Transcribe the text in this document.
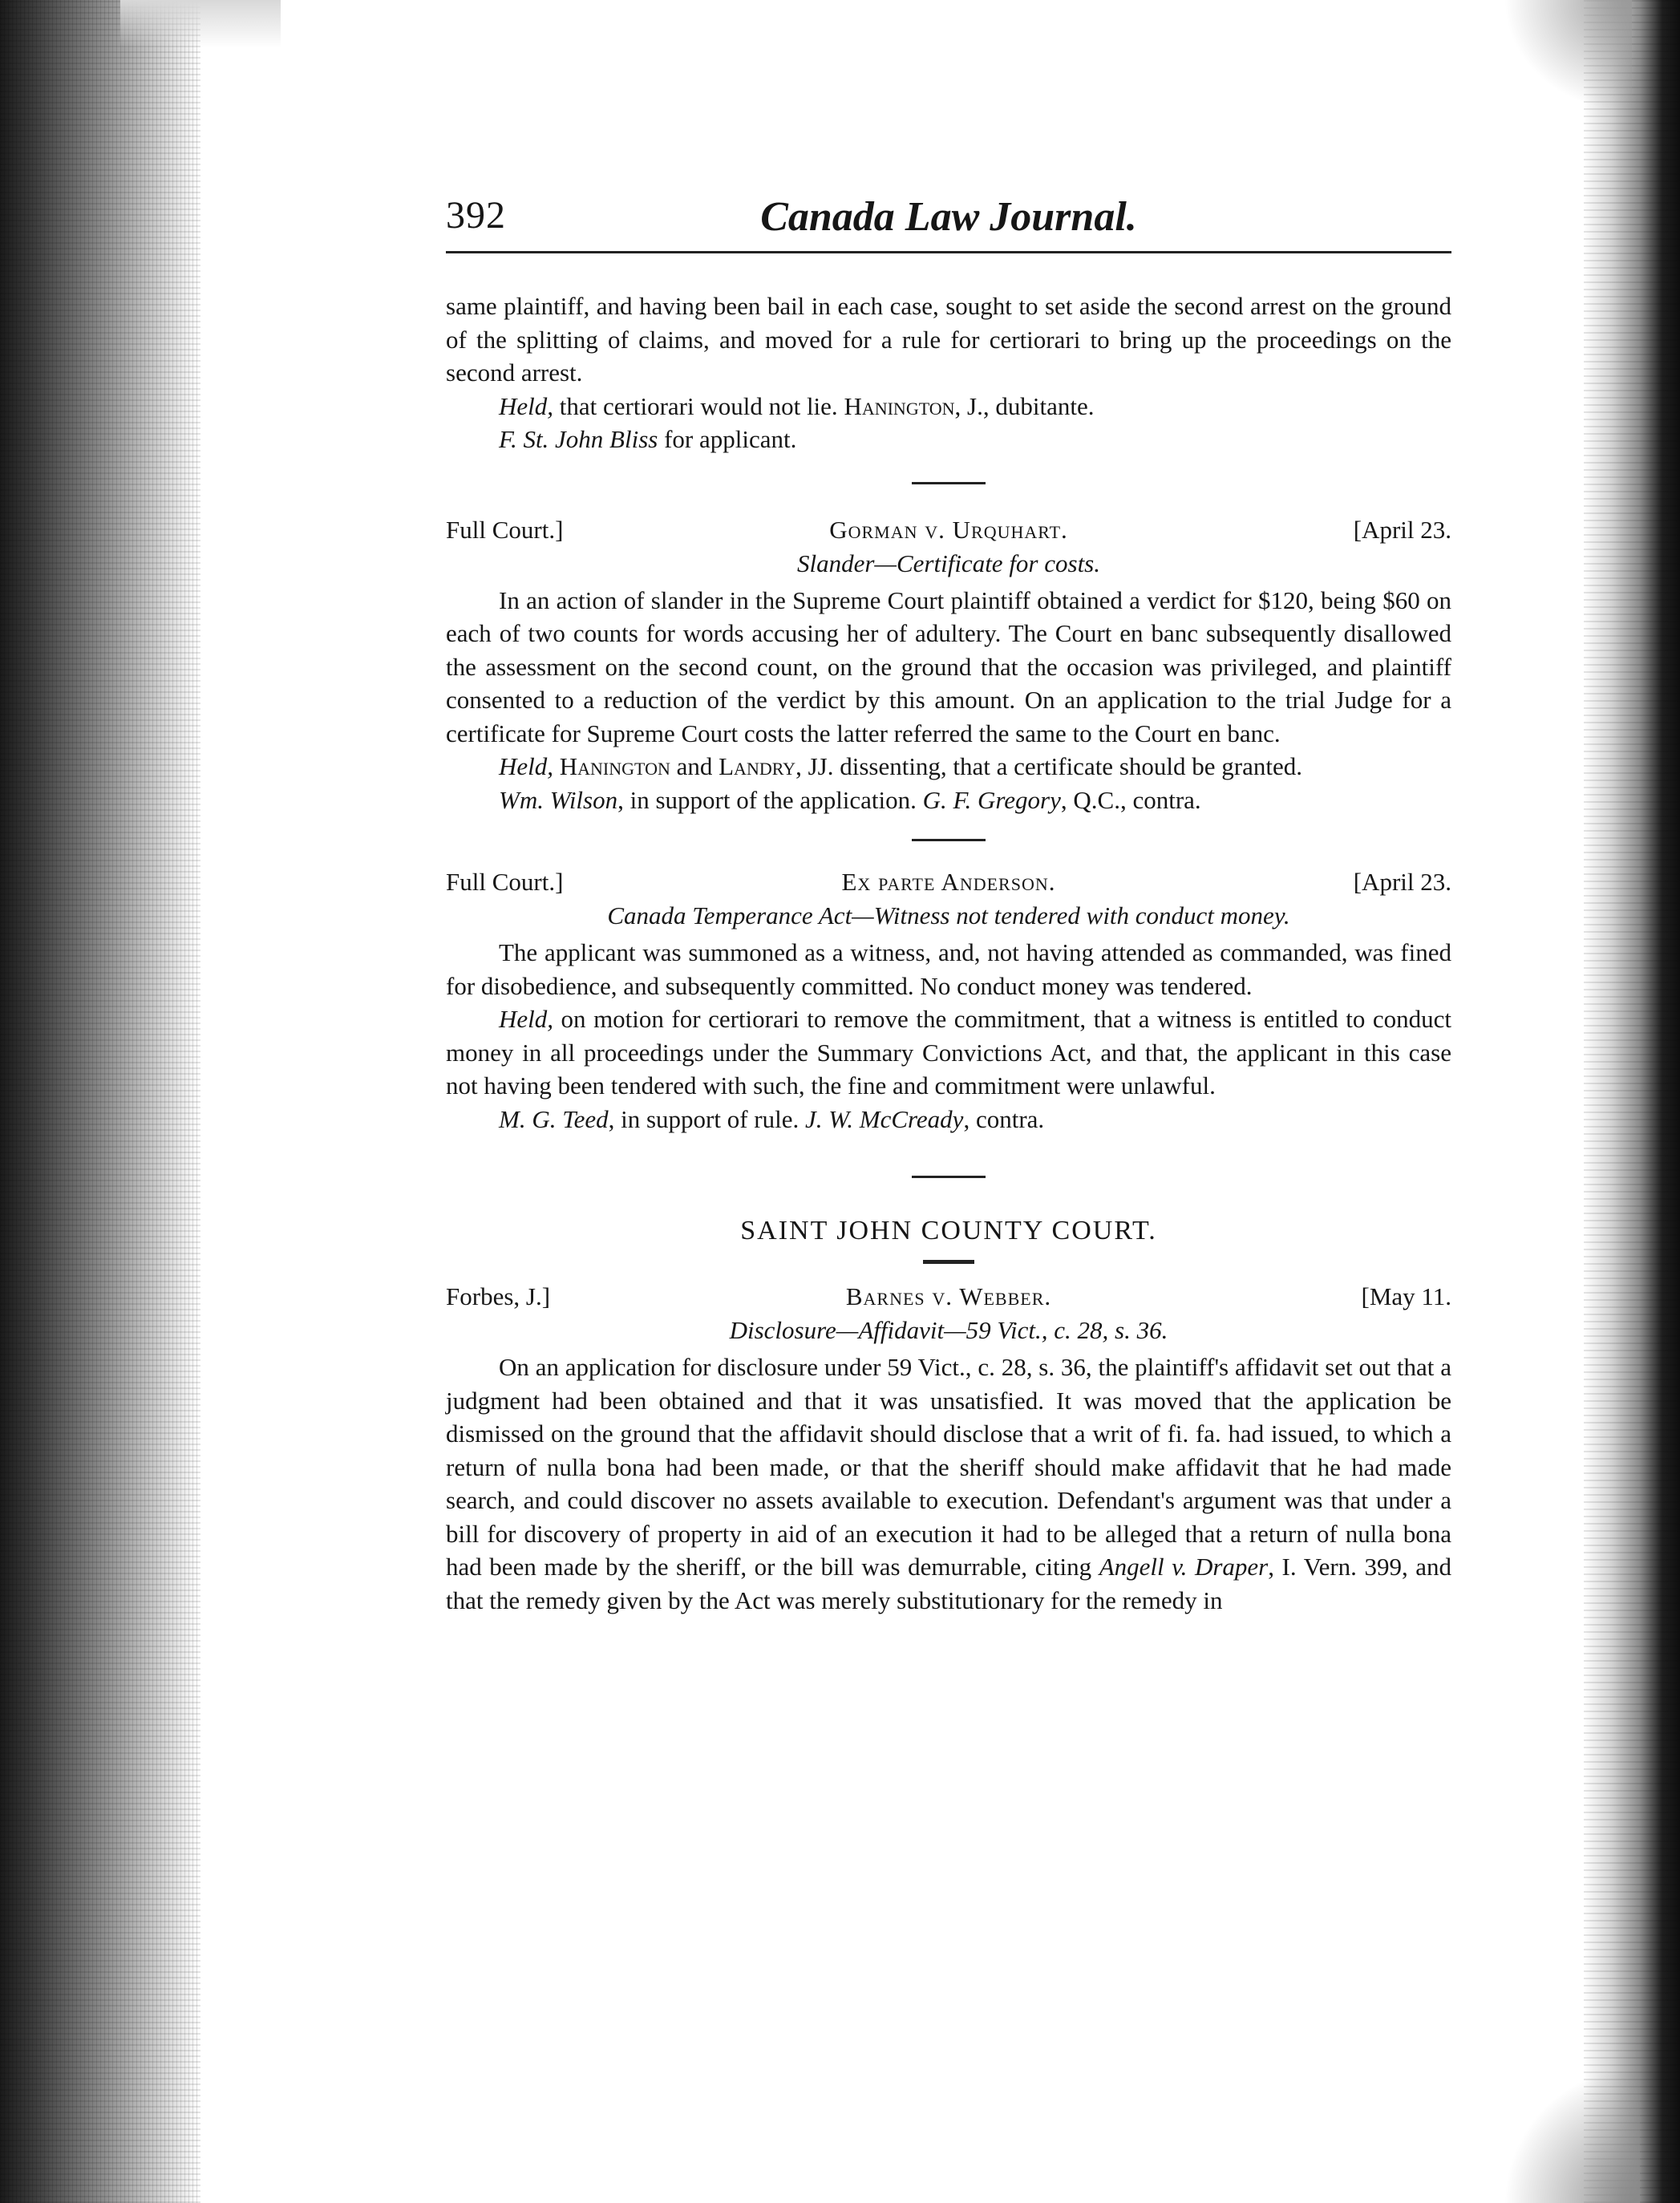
392	Canada Law Journal.

same plaintiff, and having been bail in each case, sought to set aside the second arrest on the ground of the splitting of claims, and moved for a rule for certiorari to bring up the proceedings on the second arrest.

Held, that certiorari would not lie. Hanington, J., dubitante.

F. St. John Bliss for applicant.

Full Court.]	Gorman v. Urquhart.	[April 23.
Slander—Certificate for costs.

In an action of slander in the Supreme Court plaintiff obtained a verdict for $120, being $60 on each of two counts for words accusing her of adultery. The Court en banc subsequently disallowed the assessment on the second count, on the ground that the occasion was privileged, and plaintiff consented to a reduction of the verdict by this amount. On an application to the trial Judge for a certificate for Supreme Court costs the latter referred the same to the Court en banc.

Held, Hanington and Landry, JJ. dissenting, that a certificate should be granted.

Wm. Wilson, in support of the application. G. F. Gregory, Q.C., contra.

Full Court.]	Ex parte Anderson.	[April 23.
Canada Temperance Act—Witness not tendered with conduct money.

The applicant was summoned as a witness, and, not having attended as commanded, was fined for disobedience, and subsequently committed. No conduct money was tendered.

Held, on motion for certiorari to remove the commitment, that a witness is entitled to conduct money in all proceedings under the Summary Convictions Act, and that, the applicant in this case not having been tendered with such, the fine and commitment were unlawful.

M. G. Teed, in support of rule. J. W. McCready, contra.

SAINT JOHN COUNTY COURT.
Forbes, J.]	Barnes v. Webber.	[May 11.
Disclosure—Affidavit—59 Vict., c. 28, s. 36.

On an application for disclosure under 59 Vict., c. 28, s. 36, the plaintiff's affidavit set out that a judgment had been obtained and that it was unsatisfied. It was moved that the application be dismissed on the ground that the affidavit should disclose that a writ of fi. fa. had issued, to which a return of nulla bona had been made, or that the sheriff should make affidavit that he had made search, and could discover no assets available to execution. Defendant's argument was that under a bill for discovery of property in aid of an execution it had to be alleged that a return of nulla bona had been made by the sheriff, or the bill was demurrable, citing Angell v. Draper, I. Vern. 399, and that the remedy given by the Act was merely substitutionary for the remedy in
